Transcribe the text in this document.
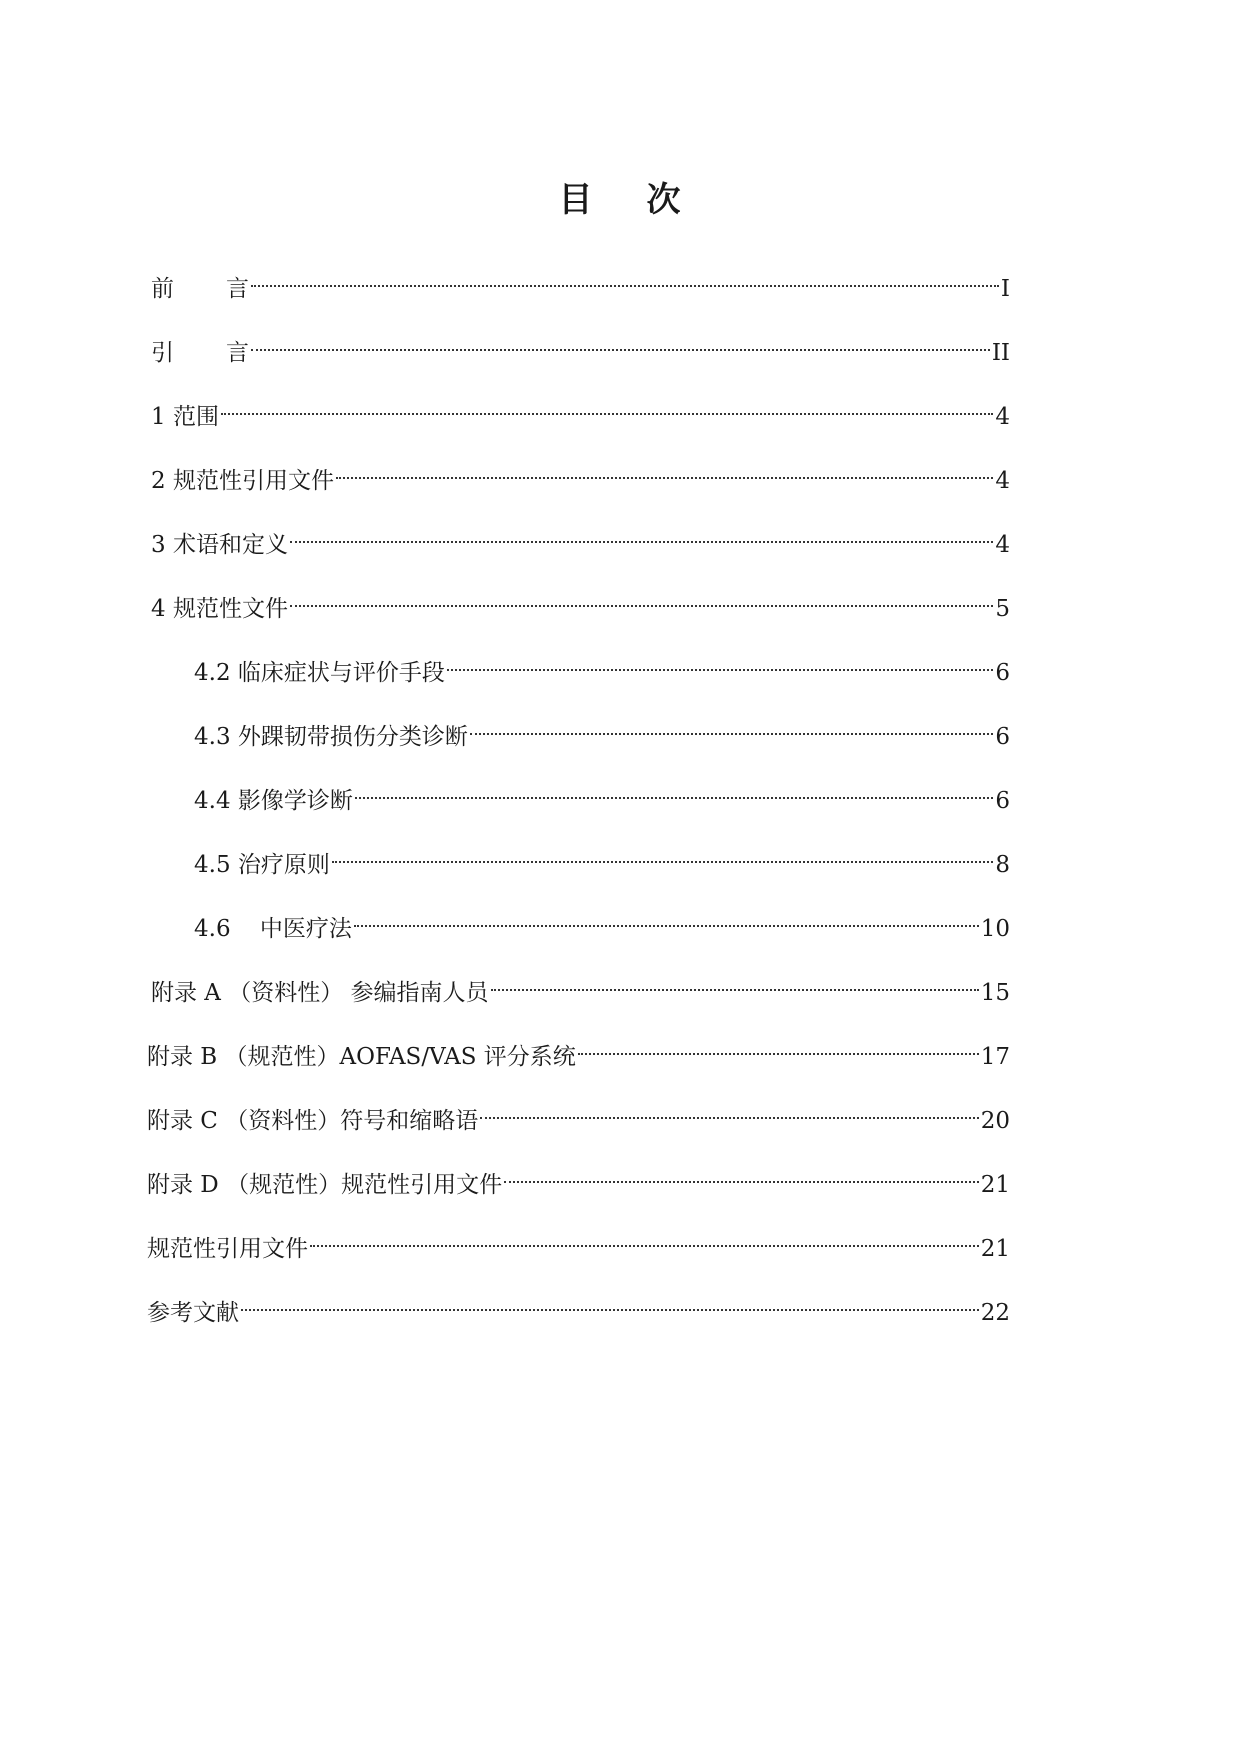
目 次
前 言	I
引 言	II
1 范围	4
2 规范性引用文件	4
3 术语和定义	4
4 规范性文件	5
4.2 临床症状与评价手段	6
4.3 外踝韧带损伤分类诊断	6
4.4 影像学诊断	6
4.5 治疗原则	8
4.6    中医疗法	10
附录 A （资料性） 参编指南人员	15
附录 B （规范性）AOFAS/VAS 评分系统	17
附录 C （资料性）符号和缩略语	20
附录 D （规范性）规范性引用文件	21
规范性引用文件	21
参考文献	22
